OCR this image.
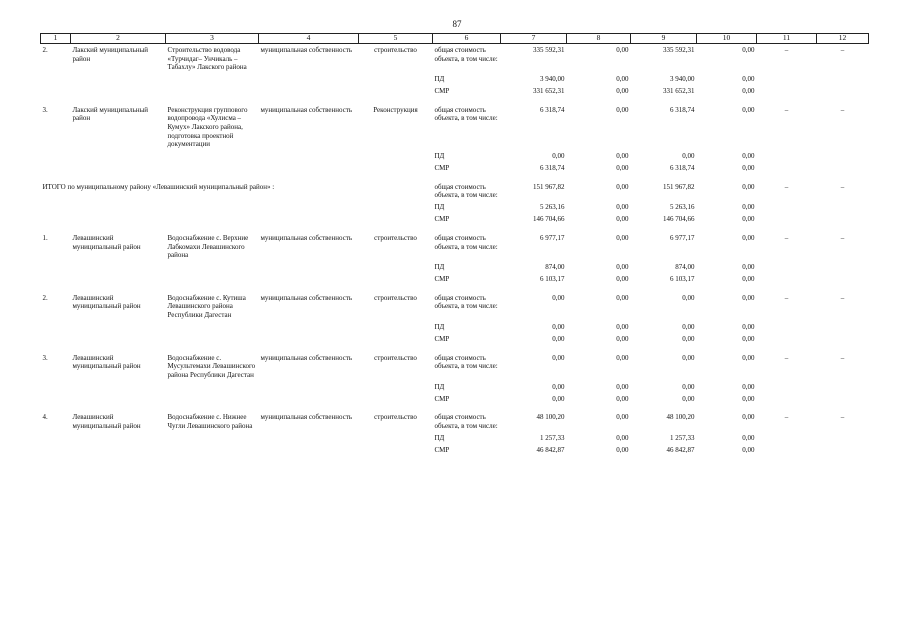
87
1	2	3	4	5	6	7	8	9	10	11	12
2.	Лакский муниципальный район	Строительство водовода «Турчидаг– Унчикаль – Табахлу» Лакского района	муниципальная собственность	строительство	общая стоимость объекта, в том числе:	335 592,31	0,00	335 592,31	0,00	–	–
					ПД	3 940,00	0,00	3 940,00	0,00		
					СМР	331 652,31	0,00	331 652,31	0,00		

3.	Лакский муниципальный район	Реконструкция группового водопровода «Хулисма – Кумух» Лакского района, подготовка проектной документации	муниципальная собственность	Реконструкция	общая стоимость объекта, в том числе:	6 318,74	0,00	6 318,74	0,00	–	–
					ПД	0,00	0,00	0,00	0,00		
					СМР	6 318,74	0,00	6 318,74	0,00		

ИТОГО по муниципальному району «Левашинский муниципальный район» :					общая стоимость объекта, в том числе:	151 967,82	0,00	151 967,82	0,00	–	–
					ПД	5 263,16	0,00	5 263,16	0,00		
					СМР	146 704,66	0,00	146 704,66	0,00		

1.	Левашинский муниципальный район	Водоснабжение с. Верхние Лабкомахи Левашинского района	муниципальная собственность	строительство	общая стоимость объекта, в том числе:	6 977,17	0,00	6 977,17	0,00	–	–
					ПД	874,00	0,00	874,00	0,00		
					СМР	6 103,17	0,00	6 103,17	0,00		

2.	Левашинский муниципальный район	Водоснабжение с. Кутиша Левашинского района Республики Дагестан	муниципальная собственность	строительство	общая стоимость объекта, в том числе:	0,00	0,00	0,00	0,00	–	–
					ПД	0,00	0,00	0,00	0,00		
					СМР	0,00	0,00	0,00	0,00		

3.	Левашинский муниципальный район	Водоснабжение с. Мусультемахи Левашинского района Республики Дагестан	муниципальная собственность	строительство	общая стоимость объекта, в том числе:	0,00	0,00	0,00	0,00	–	–
					ПД	0,00	0,00	0,00	0,00		
					СМР	0,00	0,00	0,00	0,00		

4.	Левашинский муниципальный район	Водоснабжение с. Нижнее Чугли Левашинского района	муниципальная собственность	строительство	общая стоимость объекта, в том числе:	48 100,20	0,00	48 100,20	0,00	–	–
					ПД	1 257,33	0,00	1 257,33	0,00		
					СМР	46 842,87	0,00	46 842,87	0,00		
